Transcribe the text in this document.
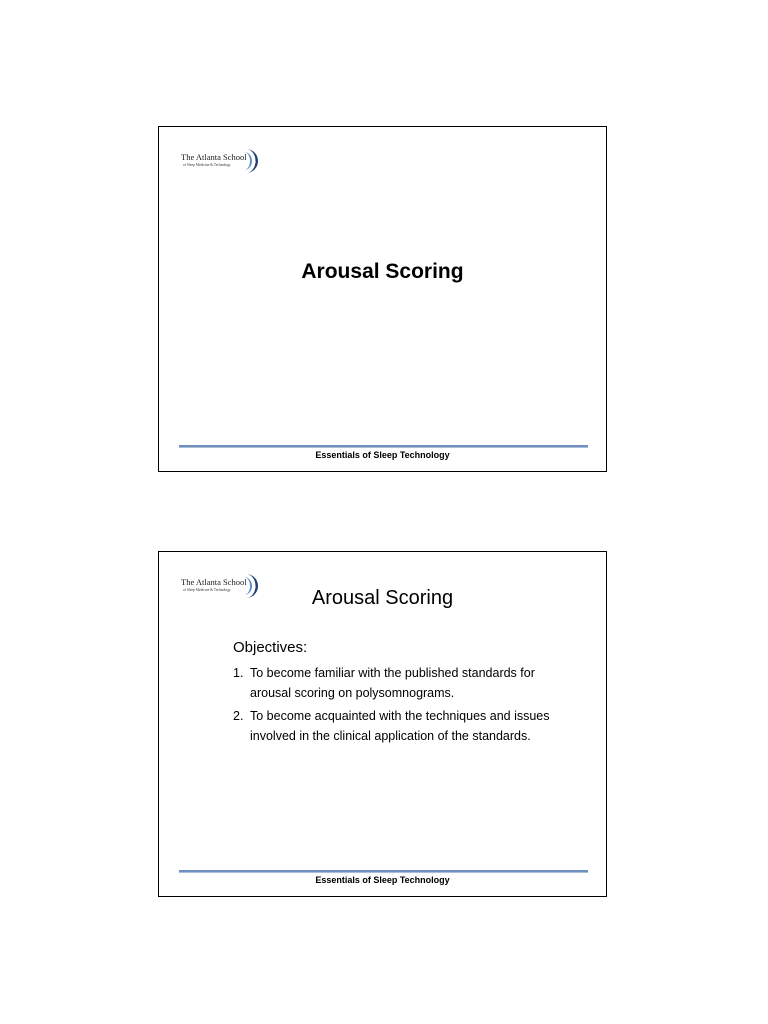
The Atlanta School
of Sleep Medicine & Technology
Arousal Scoring
Essentials of Sleep Technology
The Atlanta School
of Sleep Medicine & Technology	Arousal Scoring
Objectives:
1. To become familiar with the published standards for arousal scoring on polysomnograms.
2. To become acquainted with the techniques and issues involved in the clinical application of the standards.
Essentials of Sleep Technology
